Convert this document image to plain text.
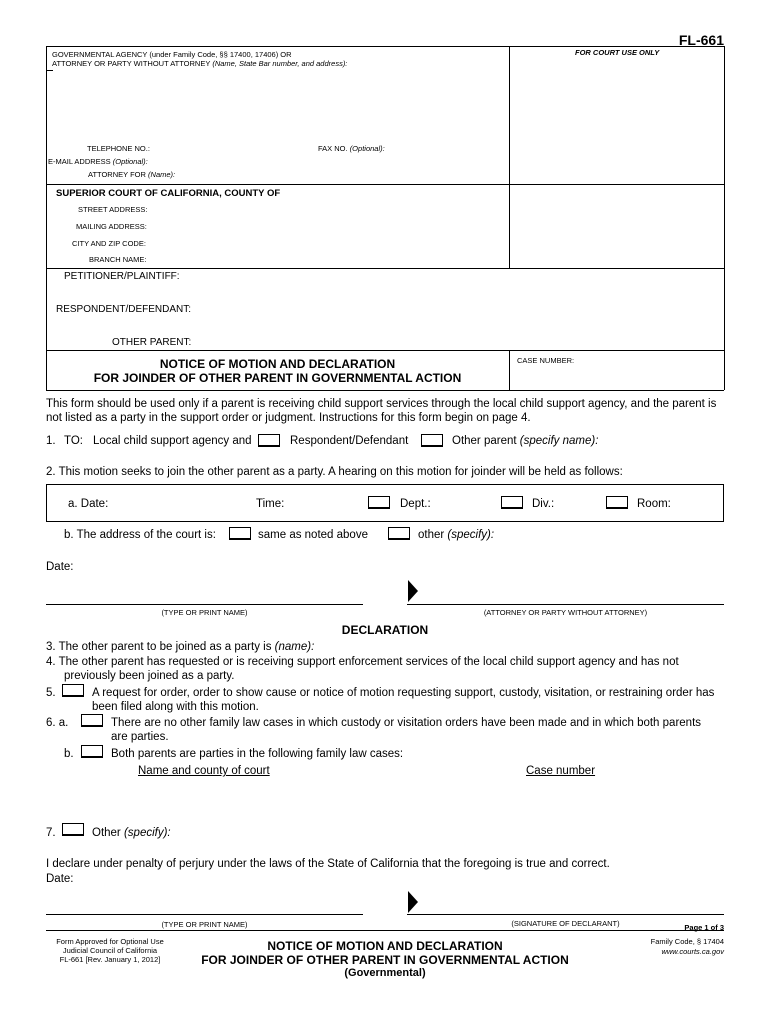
FL-661
GOVERNMENTAL AGENCY (under Family Code, §§ 17400, 17406) OR
ATTORNEY OR PARTY WITHOUT ATTORNEY (Name, State Bar number, and address):
FOR COURT USE ONLY
TELEPHONE NO.:	FAX NO. (Optional):
E-MAIL ADDRESS (Optional):
ATTORNEY FOR (Name):
SUPERIOR COURT OF CALIFORNIA, COUNTY OF
STREET ADDRESS:
MAILING ADDRESS:
CITY AND ZIP CODE:
BRANCH NAME:
PETITIONER/PLAINTIFF:
RESPONDENT/DEFENDANT:
OTHER PARENT:
NOTICE OF MOTION AND DECLARATION
FOR JOINDER OF OTHER PARENT IN GOVERNMENTAL ACTION
CASE NUMBER:
This form should be used only if a parent is receiving child support services through the local child support agency, and the parent is
not listed as a party in the support order or judgment. Instructions for this form begin on page 4.
1. TO: Local child support agency and	Respondent/Defendant	Other parent (specify name):
2. This motion seeks to join the other parent as a party. A hearing on this motion for joinder will be held as follows:
a. Date:	Time:	Dept.:	Div.:	Room:
b. The address of the court is:	same as noted above	other (specify):
Date:
(TYPE OR PRINT NAME)	(ATTORNEY OR PARTY WITHOUT ATTORNEY)
DECLARATION
3. The other parent to be joined as a party is (name):
4. The other parent has requested or is receiving support enforcement services of the local child support agency and has not
previously been joined as a party.
5.	A request for order, order to show cause or notice of motion requesting support, custody, visitation, or restraining order has
been filed along with this motion.
6. a.	There are no other family law cases in which custody or visitation orders have been made and in which both parents
are parties.
b.	Both parents are parties in the following family law cases:
Name and county of court	Case number
7.	Other (specify):
I declare under penalty of perjury under the laws of the State of California that the foregoing is true and correct.
Date:
(TYPE OR PRINT NAME)	(SIGNATURE OF DECLARANT)	Page 1 of 3
Form Approved for Optional Use
Judicial Council of California
FL-661 [Rev. January 1, 2012]
NOTICE OF MOTION AND DECLARATION
FOR JOINDER OF OTHER PARENT IN GOVERNMENTAL ACTION
(Governmental)
Family Code, § 17404
www.courts.ca.gov
